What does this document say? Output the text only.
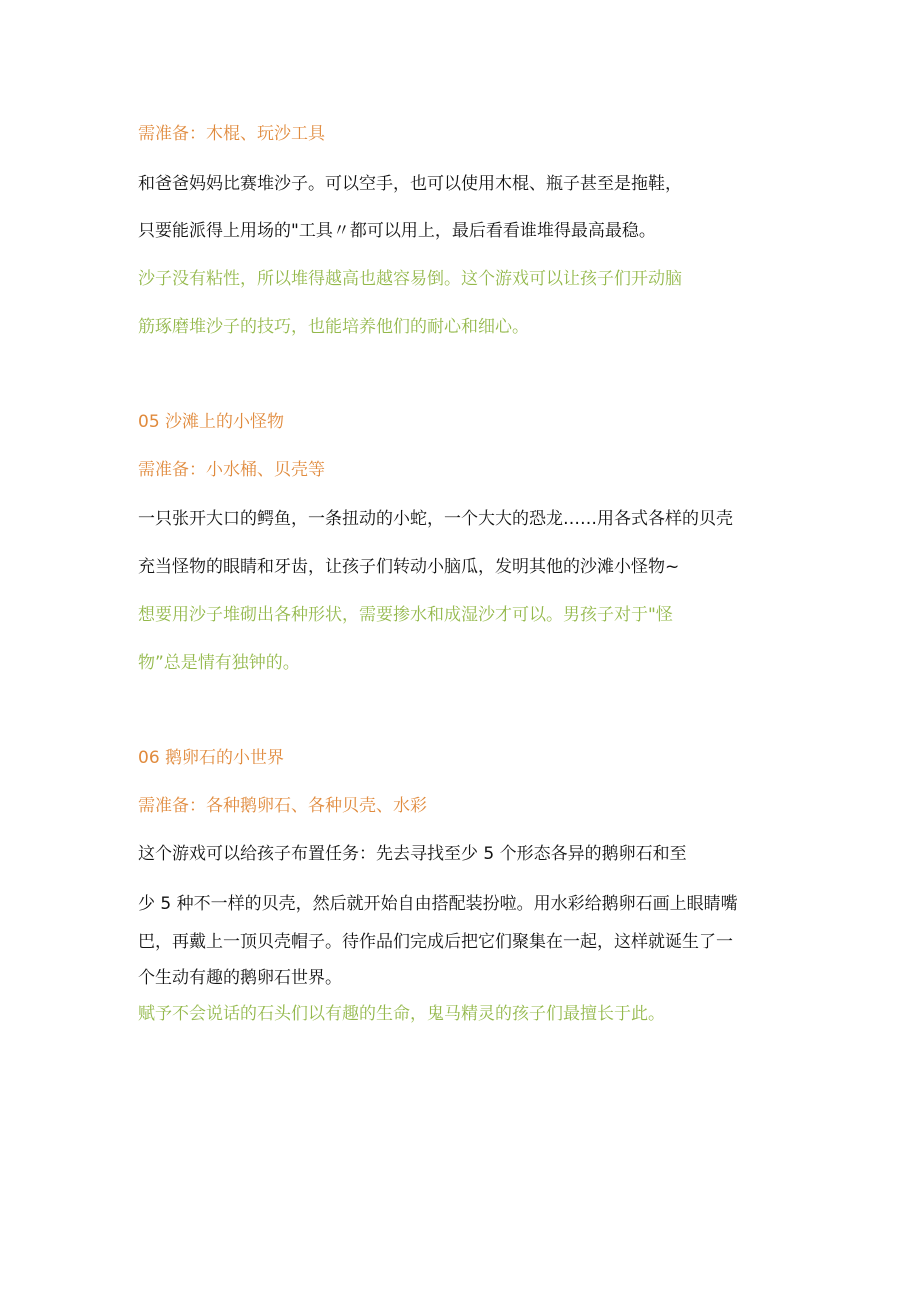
需准备：木棍、玩沙工具
和爸爸妈妈比赛堆沙子。可以空手，也可以使用木棍、瓶子甚至是拖鞋，
只要能派得上用场的"工具〃都可以用上，最后看看谁堆得最高最稳。
沙子没有粘性，所以堆得越高也越容易倒。这个游戏可以让孩子们开动脑
筋琢磨堆沙子的技巧，也能培养他们的耐心和细心。
05 沙滩上的小怪物
需准备：小水桶、贝壳等
一只张开大口的鳄鱼，一条扭动的小蛇，一个大大的恐龙……用各式各样的贝壳
充当怪物的眼睛和牙齿，让孩子们转动小脑瓜，发明其他的沙滩小怪物~
想要用沙子堆砌出各种形状，需要掺水和成湿沙才可以。男孩子对于"怪
物”总是情有独钟的。
06 鹅卵石的小世界
需准备：各种鹅卵石、各种贝壳、水彩
这个游戏可以给孩子布置任务：先去寻找至少 5 个形态各异的鹅卵石和至
少 5 种不一样的贝壳，然后就开始自由搭配装扮啦。用水彩给鹅卵石画上眼睛嘴
巴，再戴上一顶贝壳帽子。待作品们完成后把它们聚集在一起，这样就诞生了一
个生动有趣的鹅卵石世界。
赋予不会说话的石头们以有趣的生命，鬼马精灵的孩子们最擅长于此。
